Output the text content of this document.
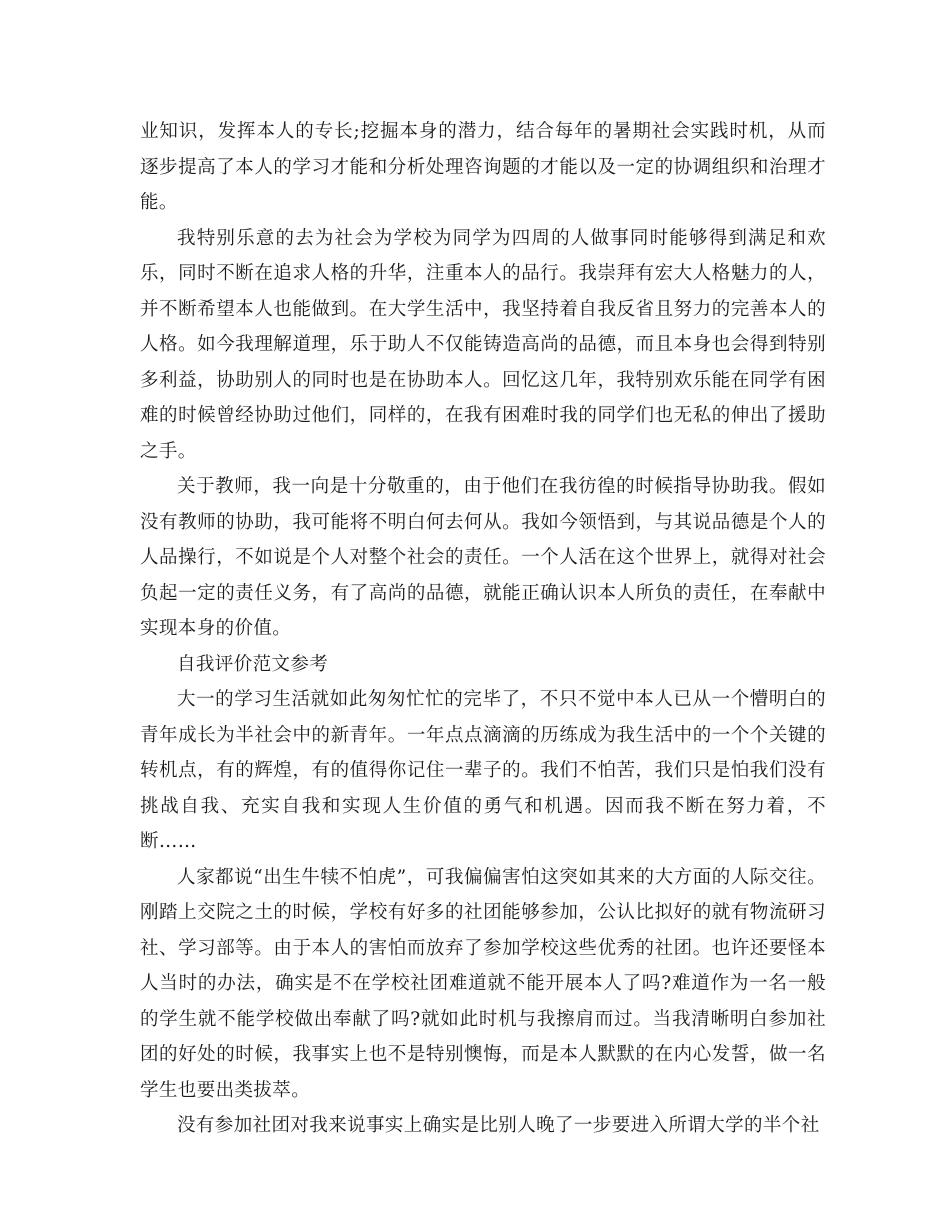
业知识，发挥本人的专长;挖掘本身的潜力，结合每年的暑期社会实践时机，从而逐步提高了本人的学习才能和分析处理咨询题的才能以及一定的协调组织和治理才能。

我特别乐意的去为社会为学校为同学为四周的人做事同时能够得到满足和欢乐，同时不断在追求人格的升华，注重本人的品行。我崇拜有宏大人格魅力的人，并不断希望本人也能做到。在大学生活中，我坚持着自我反省且努力的完善本人的人格。如今我理解道理，乐于助人不仅能铸造高尚的品德，而且本身也会得到特别多利益，协助别人的同时也是在协助本人。回忆这几年，我特别欢乐能在同学有困难的时候曾经协助过他们，同样的，在我有困难时我的同学们也无私的伸出了援助之手。

关于教师，我一向是十分敬重的，由于他们在我彷徨的时候指导协助我。假如没有教师的协助，我可能将不明白何去何从。我如今领悟到，与其说品德是个人的人品操行，不如说是个人对整个社会的责任。一个人活在这个世界上，就得对社会负起一定的责任义务，有了高尚的品德，就能正确认识本人所负的责任，在奉献中实现本身的价值。

自我评价范文参考

大一的学习生活就如此匆匆忙忙的完毕了，不只不觉中本人已从一个懵明白的青年成长为半社会中的新青年。一年点点滴滴的历练成为我生活中的一个个关键的转机点，有的辉煌，有的值得你记住一辈子的。我们不怕苦，我们只是怕我们没有挑战自我、充实自我和实现人生价值的勇气和机遇。因而我不断在努力着，不断……

人家都说“出生牛犊不怕虎”，可我偏偏害怕这突如其来的大方面的人际交往。刚踏上交院之土的时候，学校有好多的社团能够参加，公认比拟好的就有物流研习社、学习部等。由于本人的害怕而放弃了参加学校这些优秀的社团。也许还要怪本人当时的办法，确实是不在学校社团难道就不能开展本人了吗?难道作为一名一般的学生就不能学校做出奉献了吗?就如此时机与我擦肩而过。当我清晰明白参加社团的好处的时候，我事实上也不是特别懊悔，而是本人默默的在内心发誓，做一名学生也要出类拔萃。

没有参加社团对我来说事实上确实是比别人晚了一步要进入所谓大学的半个社
